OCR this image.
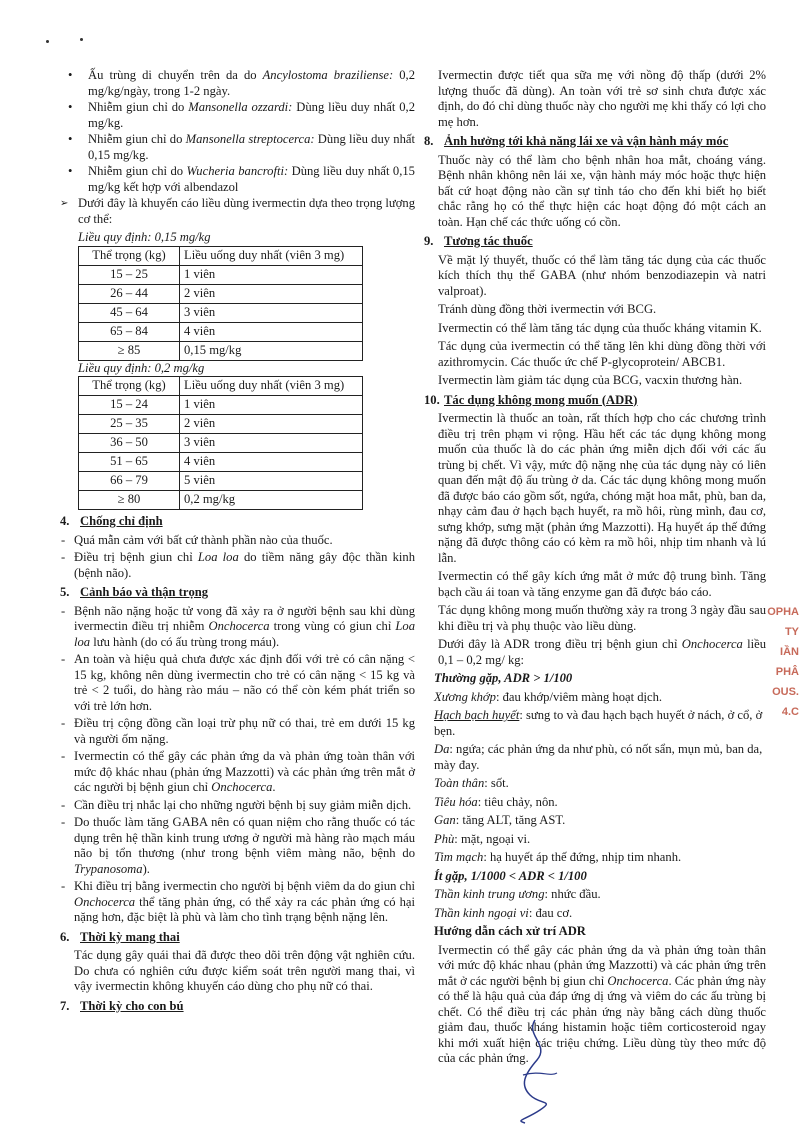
• Ấu trùng di chuyển trên da do Ancylostoma braziliense: 0,2 mg/kg/ngày, trong 1-2 ngày.
• Nhiễm giun chỉ do Mansonella ozzardi: Dùng liều duy nhất 0,2 mg/kg.
• Nhiễm giun chỉ do Mansonella streptocerca: Dùng liều duy nhất 0,15 mg/kg.
• Nhiễm giun chỉ do Wucheria bancrofti: Dùng liều duy nhất 0,15 mg/kg kết hợp với albendazol

➢ Dưới đây là khuyến cáo liều dùng ivermectin dựa theo trọng lượng cơ thể:

Liều quy định: 0,15 mg/kg

Thể trọng (kg)	Liều uống duy nhất (viên 3 mg)
15 – 25	1 viên
26 – 44	2 viên
45 – 64	3 viên
65 – 84	4 viên
≥ 85	0,15 mg/kg

Liều quy định: 0,2 mg/kg

Thể trọng (kg)	Liều uống duy nhất (viên 3 mg)
15 – 24	1 viên
25 – 35	2 viên
36 – 50	3 viên
51 – 65	4 viên
66 – 79	5 viên
≥ 80	0,2 mg/kg
4. Chống chỉ định

- Quá mẫn cảm với bất cứ thành phần nào của thuốc.

- Điều trị bệnh giun chỉ Loa loa do tiềm năng gây độc thần kinh (bệnh não).

5. Cảnh báo và thận trọng

- Bệnh não nặng hoặc tử vong đã xảy ra ở người bệnh sau khi dùng ivermectin điều trị nhiễm Onchocerca trong vùng có giun chỉ Loa loa lưu hành (do có ấu trùng trong máu).

- An toàn và hiệu quả chưa được xác định đối với trẻ có cân nặng < 15 kg, không nên dùng ivermectin cho trẻ có cân nặng < 15 kg và trẻ < 2 tuổi, do hàng rào máu – não có thể còn kém phát triển so với trẻ lớn hơn.

- Điều trị cộng đồng cần loại trừ phụ nữ có thai, trẻ em dưới 15 kg và người ốm nặng.

- Ivermectin có thể gây các phản ứng da và phản ứng toàn thân với mức độ khác nhau (phản ứng Mazzotti) và các phản ứng trên mắt ở các người bị bệnh giun chỉ Onchocerca.

- Cần điều trị nhắc lại cho những người bệnh bị suy giảm miễn dịch.

- Do thuốc làm tăng GABA nên có quan niệm cho rằng thuốc có tác dụng trên hệ thần kinh trung ương ở người mà hàng rào mạch máu não bị tổn thương (như trong bệnh viêm màng não, bệnh do Trypanosoma).

- Khi điều trị bằng ivermectin cho người bị bệnh viêm da do giun chỉ Onchocerca thể tăng phản ứng, có thể xảy ra các phản ứng có hại nặng hơn, đặc biệt là phù và làm cho tình trạng bệnh nặng lên.

6. Thời kỳ mang thai

Tác dụng gây quái thai đã được theo dõi trên động vật nghiên cứu. Do chưa có nghiên cứu được kiểm soát trên người mang thai, vì vậy ivermectin không khuyến cáo dùng cho phụ nữ có thai.

7. Thời kỳ cho con bú

Ivermectin được tiết qua sữa mẹ với nồng độ thấp (dưới 2% lượng thuốc đã dùng). An toàn với trẻ sơ sinh chưa được xác định, do đó chỉ dùng thuốc này cho người mẹ khi thấy có lợi cho mẹ hơn.

8. Ảnh hưởng tới khả năng lái xe và vận hành máy móc

Thuốc này có thể làm cho bệnh nhân hoa mắt, choáng váng. Bệnh nhân không nên lái xe, vận hành máy móc hoặc thực hiện bất cứ hoạt động nào cần sự tỉnh táo cho đến khi biết họ biết chắc rằng họ có thể thực hiện các hoạt động đó một cách an toàn. Hạn chế các thức uống có cồn.

9. Tương tác thuốc

Về mặt lý thuyết, thuốc có thể làm tăng tác dụng của các thuốc kích thích thụ thể GABA (như nhóm benzodiazepin và natri valproat).

Tránh dùng đồng thời ivermectin với BCG.

Ivermectin có thể làm tăng tác dụng của thuốc kháng vitamin K.

Tác dụng của ivermectin có thể tăng lên khi dùng đồng thời với azithromycin. Các thuốc ức chế P-glycoprotein/ ABCB1.

Ivermectin làm giảm tác dụng của BCG, vacxin thương hàn.

10. Tác dụng không mong muốn (ADR)

Ivermectin là thuốc an toàn, rất thích hợp cho các chương trình điều trị trên phạm vi rộng. Hầu hết các tác dụng không mong muốn của thuốc là do các phản ứng miễn dịch đối với các ấu trùng bị chết. Vì vậy, mức độ nặng nhẹ của tác dụng này có liên quan đến mật độ ấu trùng ở da. Các tác dụng không mong muốn đã được báo cáo gồm sốt, ngứa, chóng mặt hoa mắt, phù, ban da, nhạy cảm đau ở hạch bạch huyết, ra mồ hôi, rùng mình, đau cơ, sưng khớp, sưng mặt (phản ứng Mazzotti). Hạ huyết áp thế đứng nặng đã được thông cáo có kèm ra mồ hôi, nhịp tim nhanh và lú lẫn.

Ivermectin có thể gây kích ứng mắt ở mức độ trung bình. Tăng bạch cầu ái toan và tăng enzyme gan đã được báo cáo.

Tác dụng không mong muốn thường xảy ra trong 3 ngày đầu sau khi điều trị và phụ thuộc vào liều dùng.

Dưới đây là ADR trong điều trị bệnh giun chỉ Onchocerca liều 0,1 – 0,2 mg/ kg:

Thường gặp, ADR > 1/100

Xương khớp: đau khớp/viêm màng hoạt dịch.

Hạch bạch huyết: sưng to và đau hạch bạch huyết ở nách, ở cổ, ở bẹn.

Da: ngứa; các phản ứng da như phù, có nốt sẩn, mụn mủ, ban da, mày đay.

Toàn thân: sốt.

Tiêu hóa: tiêu chảy, nôn.

Gan: tăng ALT, tăng AST.

Phù: mặt, ngoại vi.

Tim mạch: hạ huyết áp thế đứng, nhịp tim nhanh.

Ít gặp, 1/1000 < ADR < 1/100

Thần kinh trung ương: nhức đầu.

Thần kinh ngoại vi: đau cơ.

Hướng dẫn cách xử trí ADR

Ivermectin có thể gây các phản ứng da và phản ứng toàn thân với mức độ khác nhau (phản ứng Mazzotti) và các phản ứng trên mắt ở các người bệnh bị giun chỉ Onchocerca. Các phản ứng này có thể là hậu quả của đáp ứng dị ứng và viêm do các ấu trùng bị chết. Có thể điều trị các phản ứng này bằng cách dùng thuốc giảm đau, thuốc kháng histamin hoặc tiêm corticosteroid ngay khi mới xuất hiện các triệu chứng. Liều dùng tùy theo mức độ của các phản ứng.

OPHA
TY
IẦN
PHÂ
OUS.
4.C
